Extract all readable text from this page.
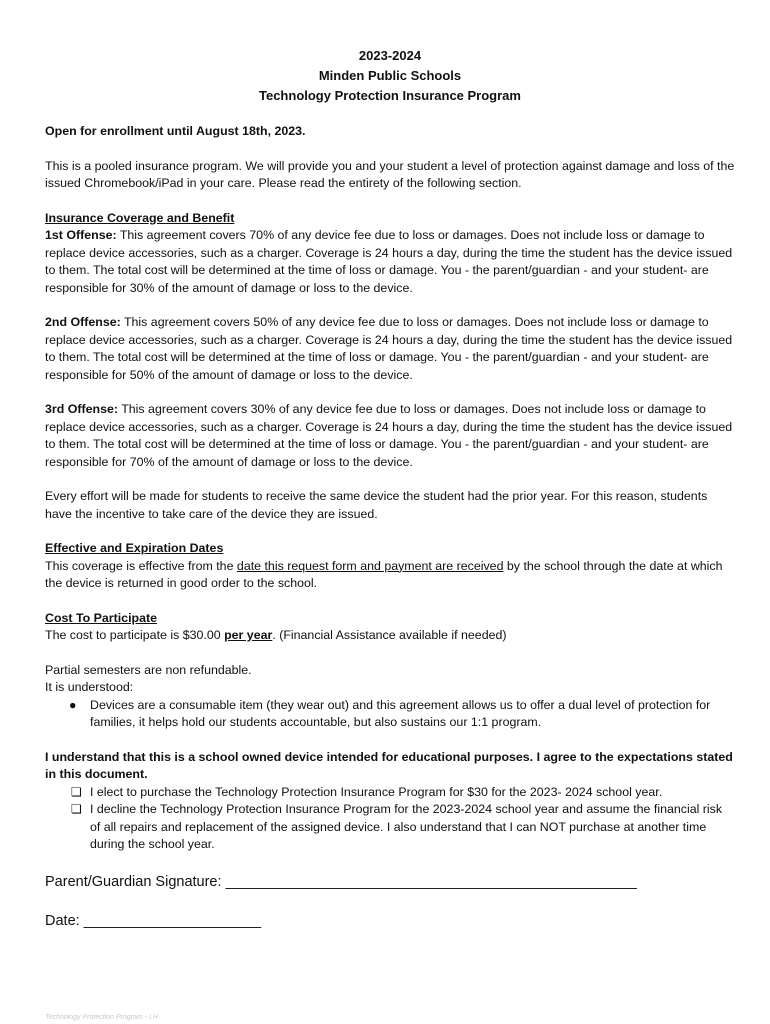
2023-2024
Minden Public Schools
Technology Protection Insurance Program

Open for enrollment until August 18th, 2023.

This is a pooled insurance program. We will provide you and your student a level of protection against damage and loss of the issued Chromebook/iPad in your care. Please read the entirety of the following section.

Insurance Coverage and Benefit

1st Offense: This agreement covers 70% of any device fee due to loss or damages. Does not include loss or damage to replace device accessories, such as a charger. Coverage is 24 hours a day, during the time the student has the device issued to them. The total cost will be determined at the time of loss or damage. You - the parent/guardian - and your student- are responsible for 30% of the amount of damage or loss to the device.

2nd Offense: This agreement covers 50% of any device fee due to loss or damages. Does not include loss or damage to replace device accessories, such as a charger. Coverage is 24 hours a day, during the time the student has the device issued to them. The total cost will be determined at the time of loss or damage. You - the parent/guardian - and your student- are responsible for 50% of the amount of damage or loss to the device.

3rd Offense: This agreement covers 30% of any device fee due to loss or damages. Does not include loss or damage to replace device accessories, such as a charger. Coverage is 24 hours a day, during the time the student has the device issued to them. The total cost will be determined at the time of loss or damage. You - the parent/guardian - and your student- are responsible for 70% of the amount of damage or loss to the device.

Every effort will be made for students to receive the same device the student had the prior year. For this reason, students have the incentive to take care of the device they are issued.

Effective and Expiration Dates

This coverage is effective from the date this request form and payment are received by the school through the date at which the device is returned in good order to the school.

Cost To Participate

The cost to participate is $30.00 per year. (Financial Assistance available if needed)

Partial semesters are non refundable.

It is understood:

● Devices are a consumable item (they wear out) and this agreement allows us to offer a dual level of protection for families, it helps hold our students accountable, but also sustains our 1:1 program.

I understand that this is a school owned device intended for educational purposes. I agree to the expectations stated in this document.

❏ I elect to purchase the Technology Protection Insurance Program for $30 for the 2023- 2024 school year.
❏ I decline the Technology Protection Insurance Program for the 2023-2024 school year and assume the financial risk of all repairs and replacement of the assigned device. I also understand that I can NOT purchase at another time during the school year.

Parent/Guardian Signature: ___________________________________________________

Date: ______________________

Technology Protection Program - LH
